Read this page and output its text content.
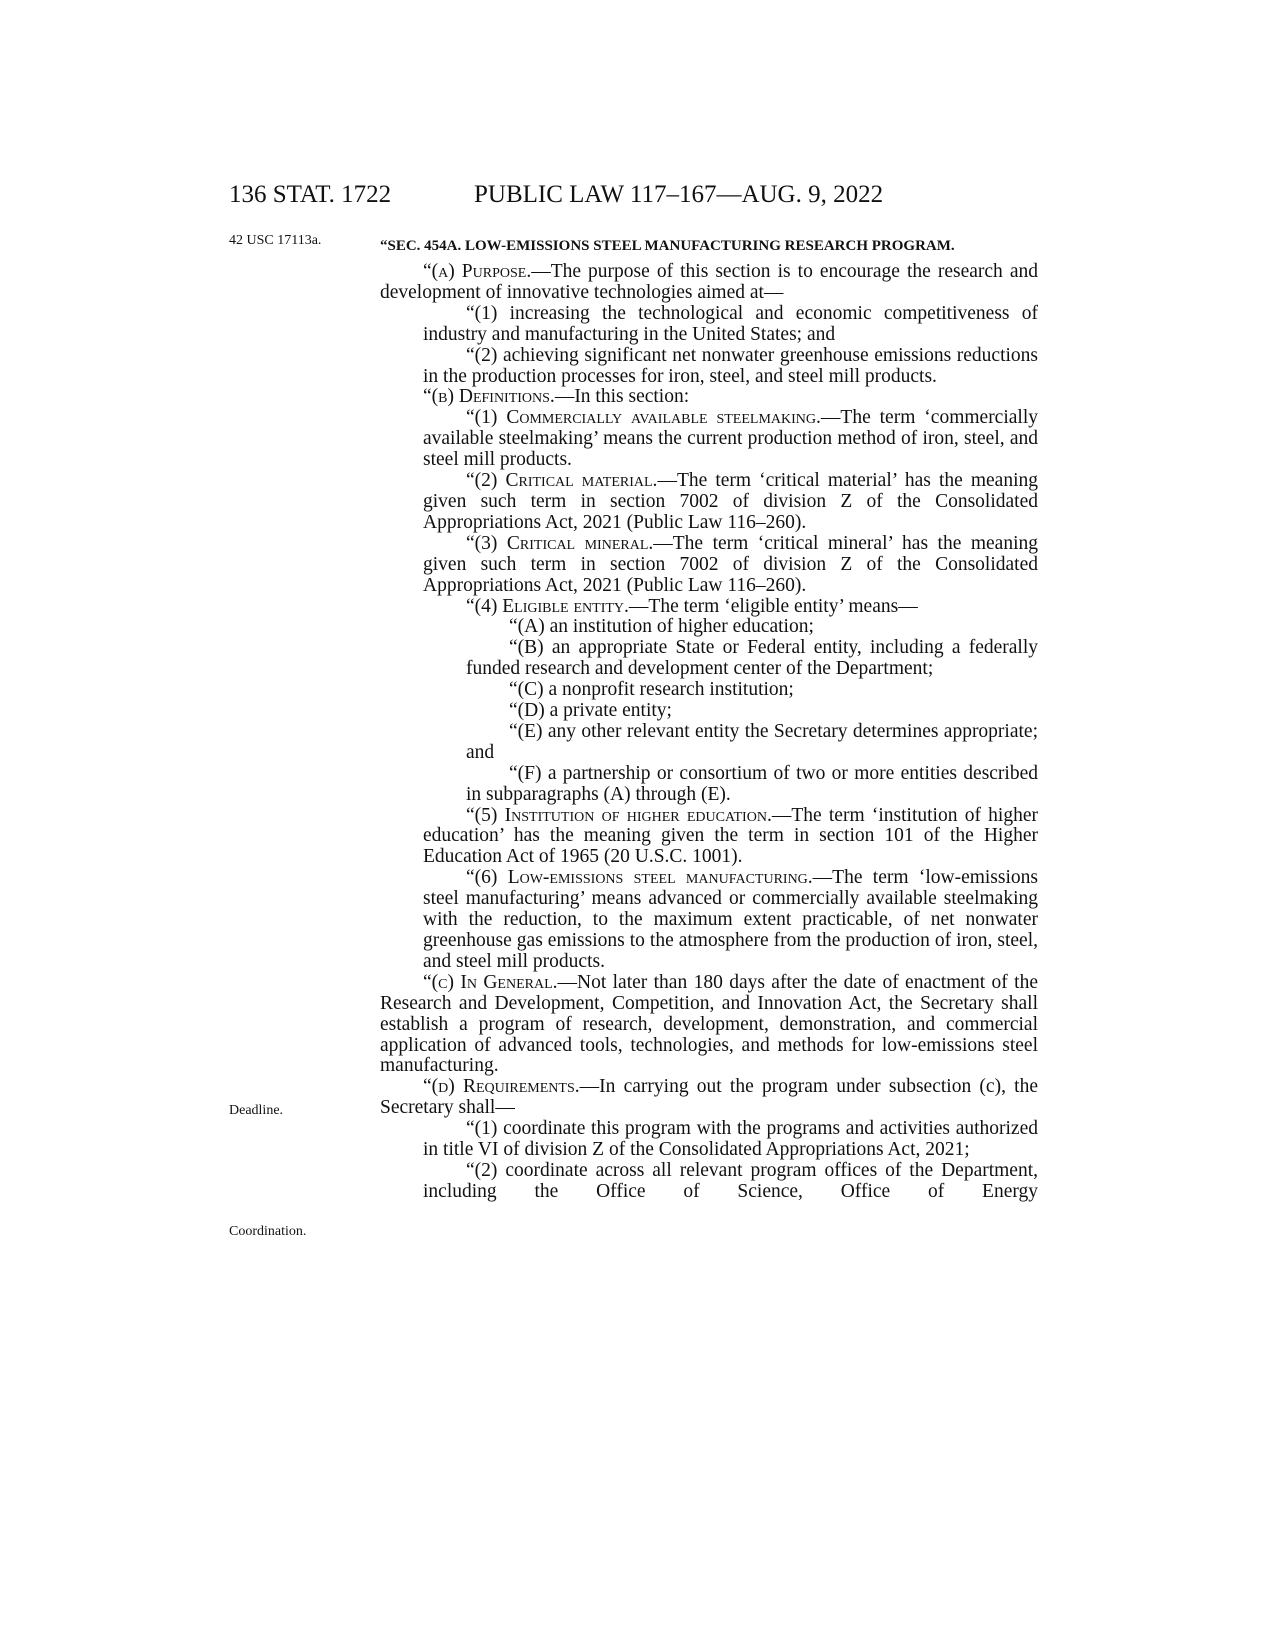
136 STAT. 1722	PUBLIC LAW 117–167—AUG. 9, 2022
42 USC 17113a.
Deadline.
Coordination.
“SEC. 454A. LOW-EMISSIONS STEEL MANUFACTURING RESEARCH PROGRAM.

“(a) Purpose.—The purpose of this section is to encourage the research and development of innovative technologies aimed at—

“(1) increasing the technological and economic competitiveness of industry and manufacturing in the United States; and

“(2) achieving significant net nonwater greenhouse emissions reductions in the production processes for iron, steel, and steel mill products.

“(b) Definitions.—In this section:

“(1) Commercially available steelmaking.—The term ‘commercially available steelmaking’ means the current production method of iron, steel, and steel mill products.

“(2) Critical material.—The term ‘critical material’ has the meaning given such term in section 7002 of division Z of the Consolidated Appropriations Act, 2021 (Public Law 116–260).

“(3) Critical mineral.—The term ‘critical mineral’ has the meaning given such term in section 7002 of division Z of the Consolidated Appropriations Act, 2021 (Public Law 116–260).

“(4) Eligible entity.—The term ‘eligible entity’ means—

“(A) an institution of higher education;

“(B) an appropriate State or Federal entity, including a federally funded research and development center of the Department;

“(C) a nonprofit research institution;

“(D) a private entity;

“(E) any other relevant entity the Secretary determines appropriate; and

“(F) a partnership or consortium of two or more entities described in subparagraphs (A) through (E).

“(5) Institution of higher education.—The term ‘institution of higher education’ has the meaning given the term in section 101 of the Higher Education Act of 1965 (20 U.S.C. 1001).

“(6) Low-emissions steel manufacturing.—The term ‘low-emissions steel manufacturing’ means advanced or commercially available steelmaking with the reduction, to the maximum extent practicable, of net nonwater greenhouse gas emissions to the atmosphere from the production of iron, steel, and steel mill products.

“(c) In General.—Not later than 180 days after the date of enactment of the Research and Development, Competition, and Innovation Act, the Secretary shall establish a program of research, development, demonstration, and commercial application of advanced tools, technologies, and methods for low-emissions steel manufacturing.

“(d) Requirements.—In carrying out the program under subsection (c), the Secretary shall—

“(1) coordinate this program with the programs and activities authorized in title VI of division Z of the Consolidated Appropriations Act, 2021;

“(2) coordinate across all relevant program offices of the Department, including the Office of Science, Office of Energy
